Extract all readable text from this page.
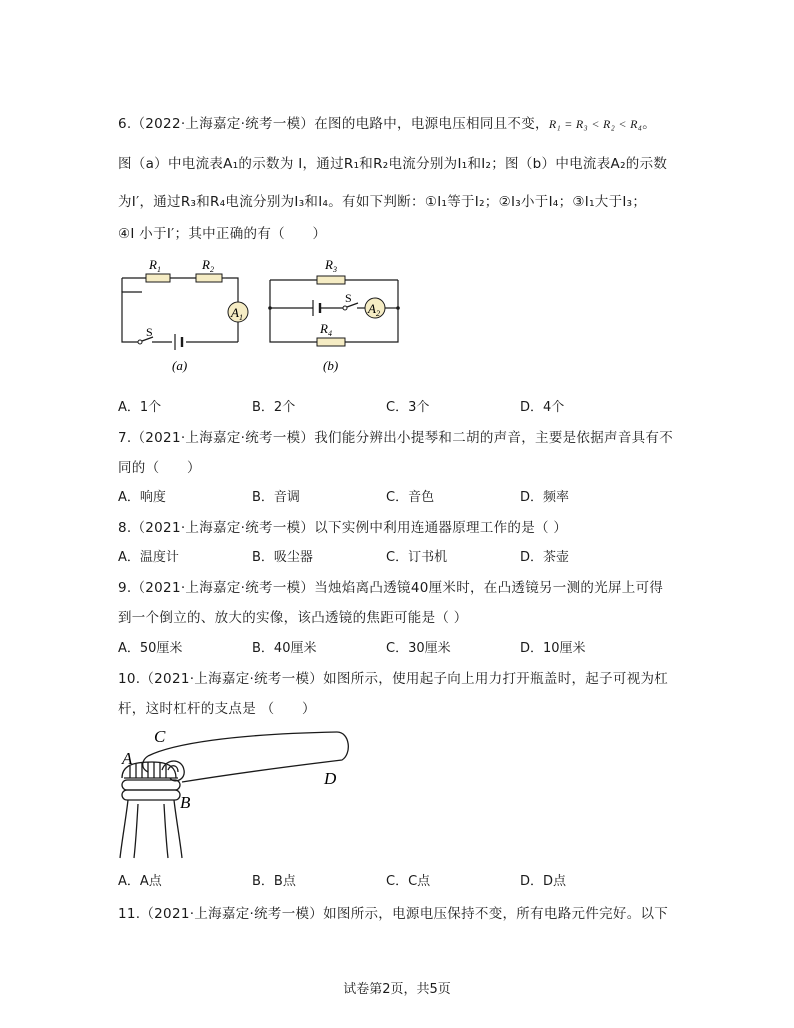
6.（2022·上海嘉定·统考一模）在图的电路中，电源电压相同且不变，R₁ = R₃ < R₂ < R₄。
图（a）中电流表A₁的示数为 I，通过R₁和R₂电流分别为I₁和I₂；图（b）中电流表A₂的示数
为I′，通过R₃和R₄电流分别为I₃和I₄。有如下判断：①I₁等于I₂；②I₃小于I₄；③I₁大于I₃；
④I 小于I′；其中正确的有（　　）
$A_1$
S
$R_1$	$R_2$
(a)
S
$A_2$
$R_3$
$R_4$
(b)
A．1个	B．2个	C．3个	D．4个
7.（2021·上海嘉定·统考一模）我们能分辨出小提琴和二胡的声音，主要是依据声音具有不
同的（　　）
A．响度	B．音调	C．音色	D．频率
8.（2021·上海嘉定·统考一模）以下实例中利用连通器原理工作的是（ ）
A．温度计	B．吸尘器	C．订书机	D．茶壶
9.（2021·上海嘉定·统考一模）当烛焰离凸透镜40厘米时，在凸透镜另一测的光屏上可得
到一个倒立的、放大的实像，该凸透镜的焦距可能是（ ）
A．50厘米	B．40厘米	C．30厘米	D．10厘米
10.（2021·上海嘉定·统考一模）如图所示，使用起子向上用力打开瓶盖时，起子可视为杠
杆，这时杠杆的支点是 （　　）
A
C
B
D
A．A点	B．B点	C．C点	D．D点
11.（2021·上海嘉定·统考一模）如图所示，电源电压保持不变，所有电路元件完好。以下
试卷第2页，共5页
